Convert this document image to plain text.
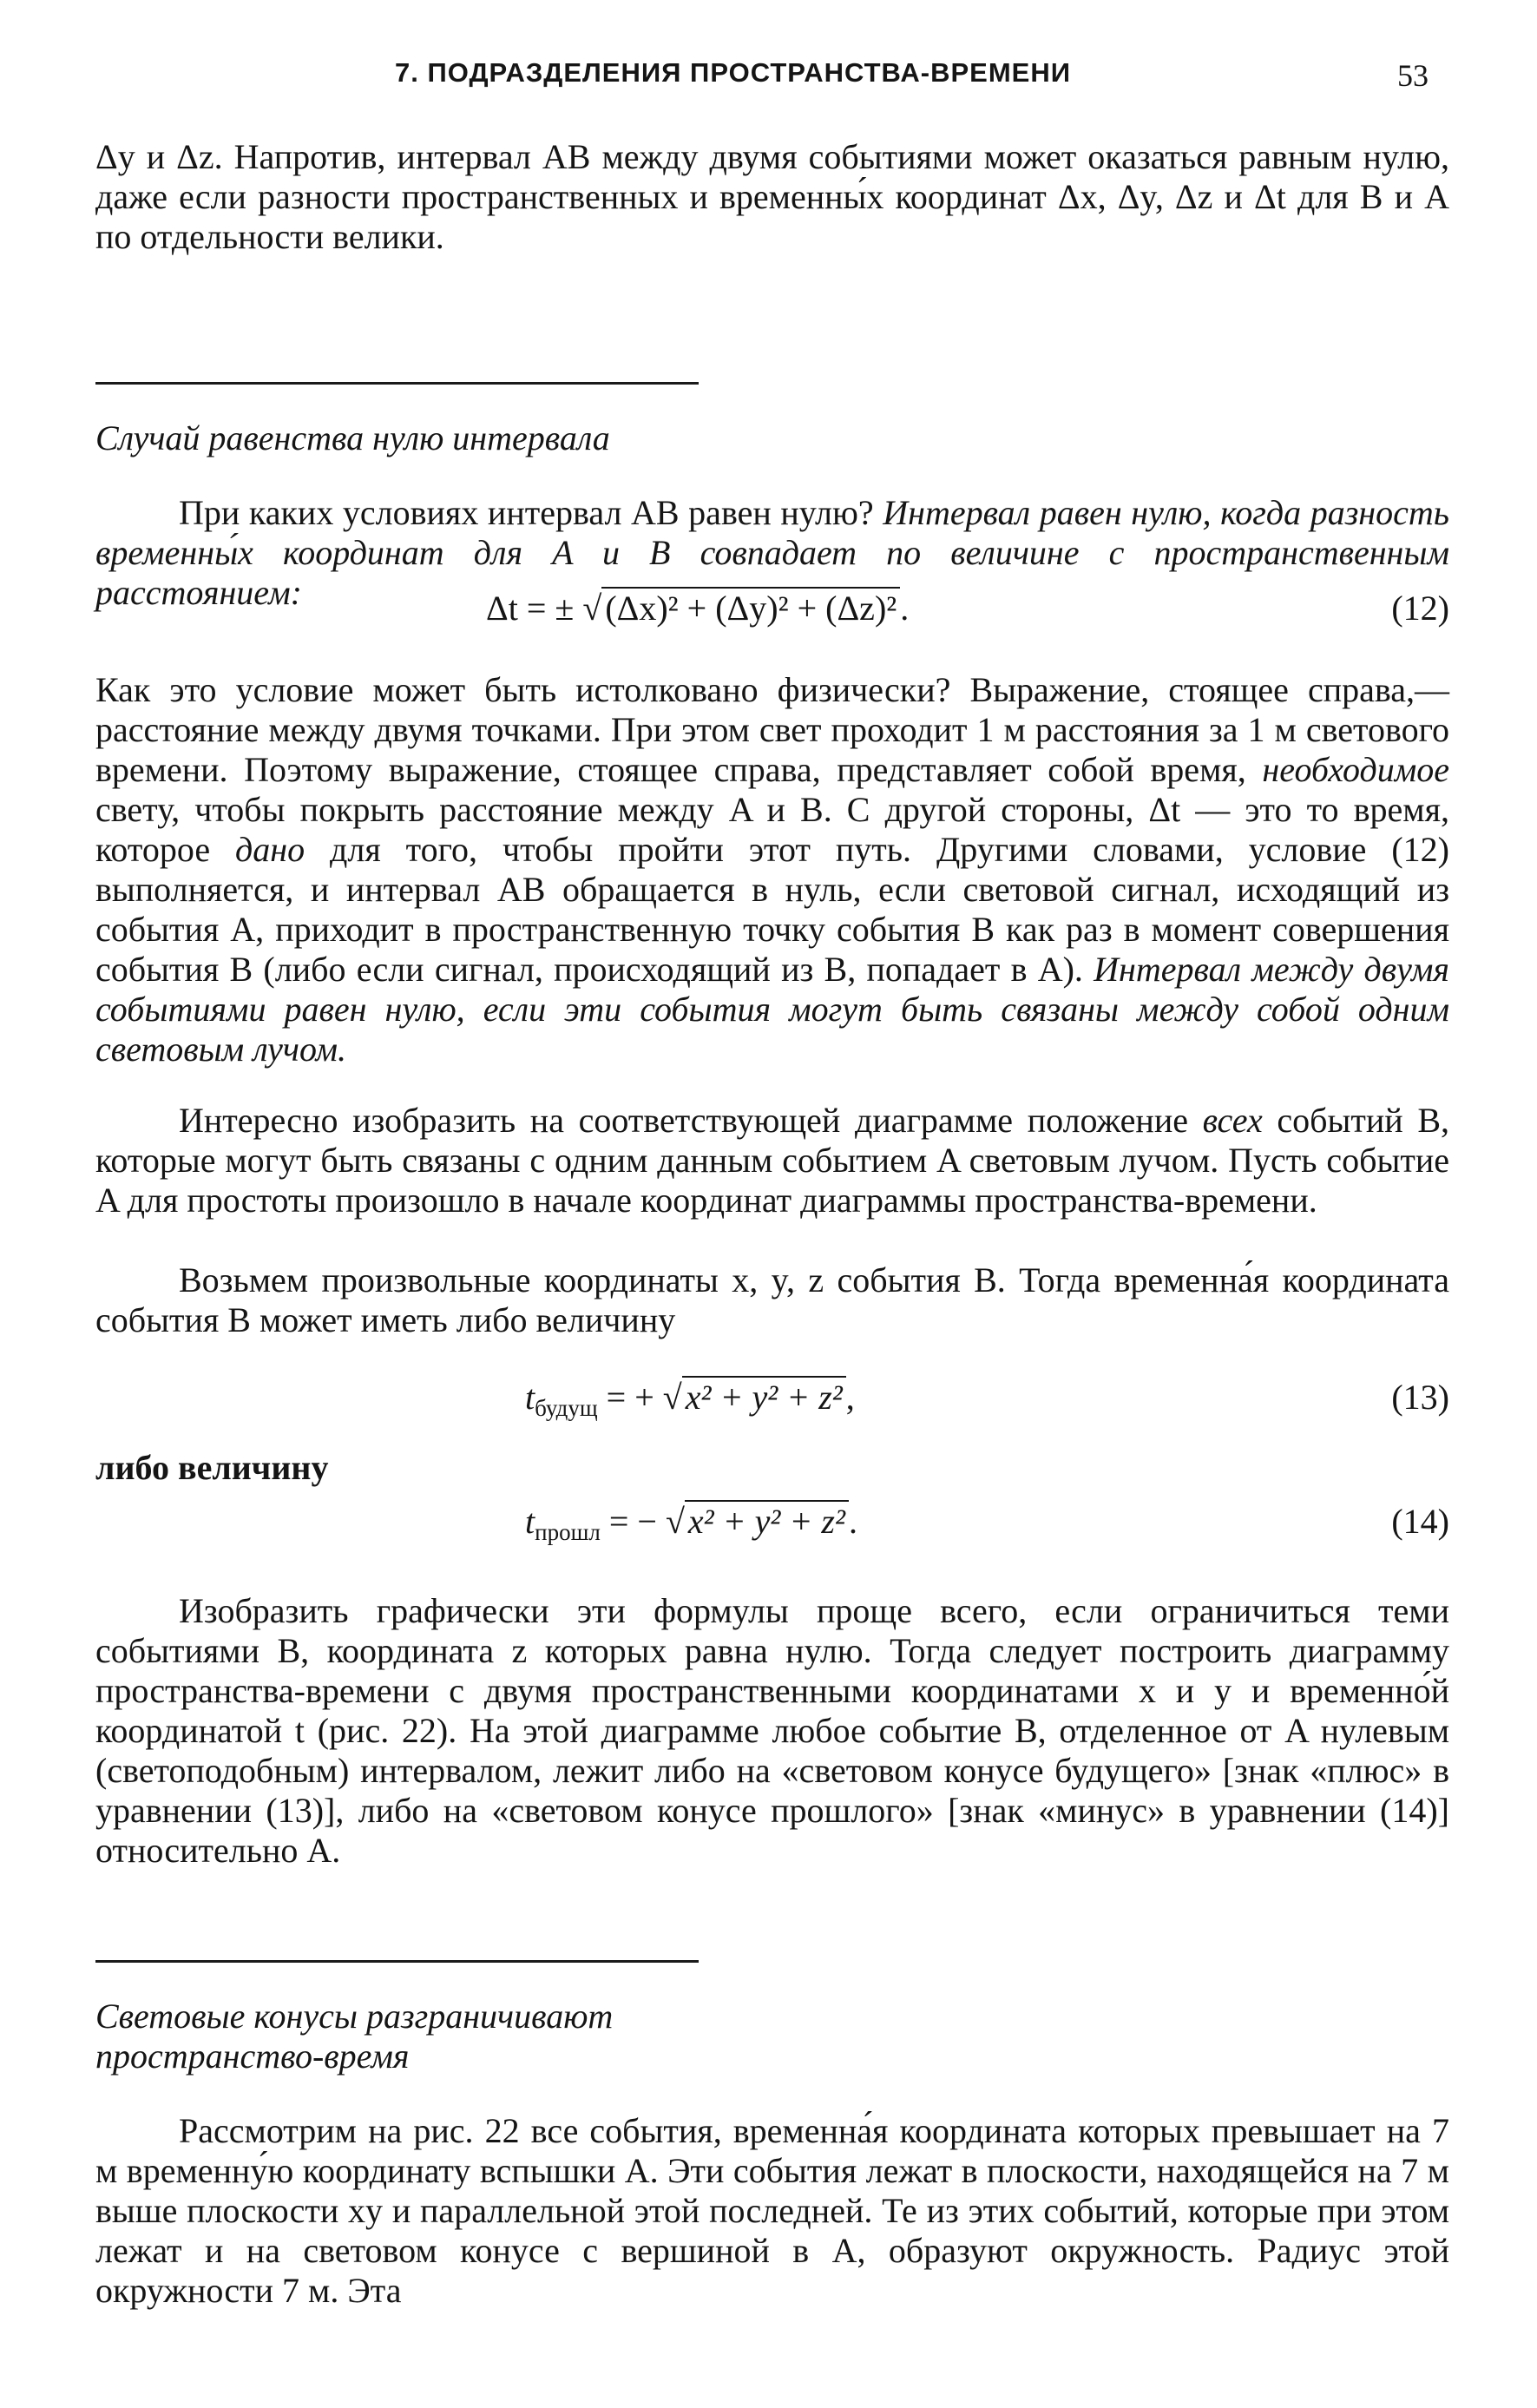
7. ПОДРАЗДЕЛЕНИЯ ПРОСТРАНСТВА-ВРЕМЕНИ	53

Δy и Δz. Напротив, интервал AB между двумя событиями может оказаться равным нулю, даже если разности пространственных и временны́х координат Δx, Δy, Δz и Δt для B и A по отдельности велики.

Случай равенства нулю интервала

При каких условиях интервал AB равен нулю? Интервал равен нулю, когда разность временны́х координат для A и B совпадает по величине с пространственным расстоянием:	Δt = ± √ (Δx)² + (Δy)² + (Δz)² .	(12)

Как это условие может быть истолковано физически? Выражение, стоящее справа,— расстояние между двумя точками. При этом свет проходит 1 м расстояния за 1 м светового времени. Поэтому выражение, стоящее справа, представляет собой время, необходимое свету, чтобы покрыть расстояние между A и B. С другой стороны, Δt — это то время, которое дано для того, чтобы пройти этот путь. Другими словами, условие (12) выполняется, и интервал AB обращается в нуль, если световой сигнал, исходящий из события A, приходит в пространственную точку события B как раз в момент совершения события B (либо если сигнал, происходящий из B, попадает в A). Интервал между двумя событиями равен нулю, если эти события могут быть связаны между собой одним световым лучом.

Интересно изобразить на соответствующей диаграмме положение всех событий B, которые могут быть связаны с одним данным событием A световым лучом. Пусть событие A для простоты произошло в начале координат диаграммы пространства-времени.

Возьмем произвольные координаты x, y, z события B. Тогда временна́я координата события B может иметь либо величину

$t_{будущ}$ = + √ x² + y² + z² ,	(13)
либо величину
$t_{прошл}$ = − √ x² + y² + z² .	(14)

Изобразить графически эти формулы проще всего, если ограничиться теми событиями B, координата z которых равна нулю. Тогда следует построить диаграмму пространства-времени с двумя пространственными координатами x и y и временно́й координатой t (рис. 22). На этой диаграмме любое событие B, отделенное от A нулевым (светоподобным) интервалом, лежит либо на «световом конусе будущего» [знак «плюс» в уравнении (13)], либо на «световом конусе прошлого» [знак «минус» в уравнении (14)] относительно A.

Световые конусы разграничивают
пространство-время

Рассмотрим на рис. 22 все события, временна́я координата которых превышает на 7 м временну́ю координату вспышки A. Эти события лежат в плоскости, находящейся на 7 м выше плоскости xy и параллельной этой последней. Те из этих событий, которые при этом лежат и на световом конусе с вершиной в A, образуют окружность. Радиус этой окружности 7 м. Эта
